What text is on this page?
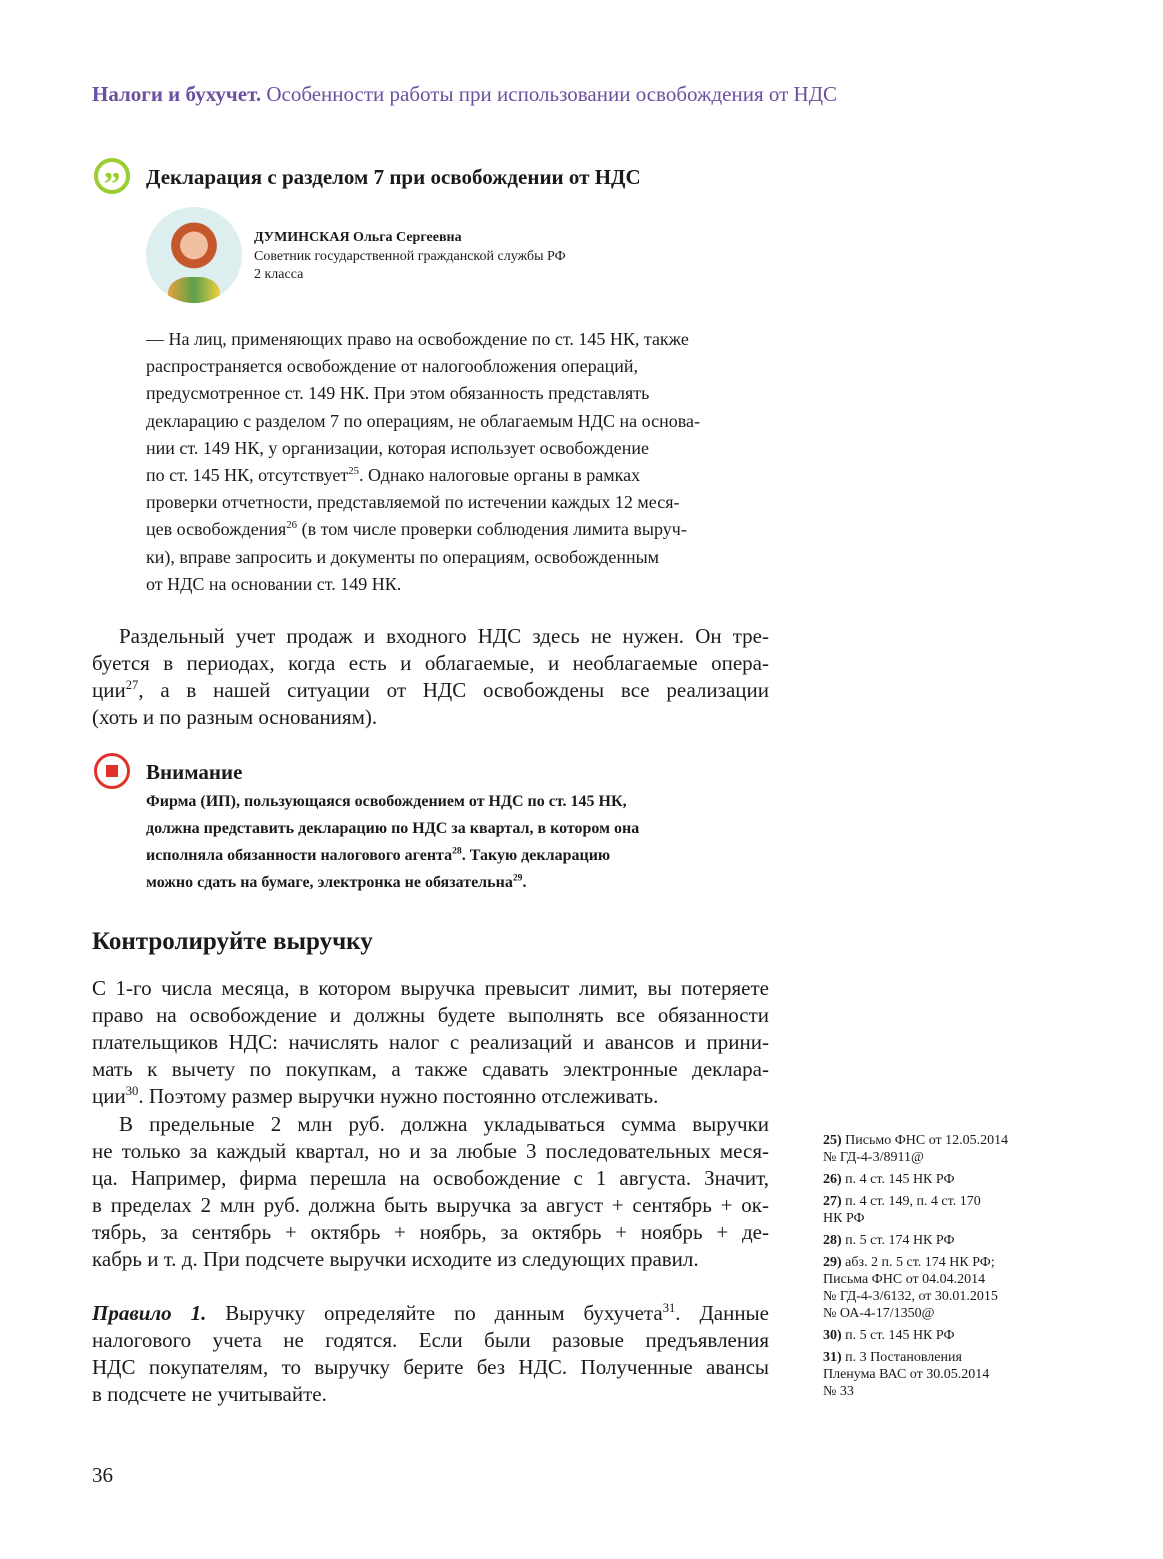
Налоги и бухучет. Особенности работы при использовании освобождения от НДС
”	Декларация с разделом 7 при освобождении от НДС
ДУМИНСКАЯ Ольга Сергеевна
Советник государственной гражданской службы РФ
2 класса
— На лиц, применяющих право на освобождение по ст. 145 НК, также
распространяется освобождение от налогообложения операций,
предусмотренное ст. 149 НК. При этом обязанность представлять
декларацию с разделом 7 по операциям, не облагаемым НДС на основа-
нии ст. 149 НК, у организации, которая использует освобождение
по ст. 145 НК, отсутствует$^{25}$. Однако налоговые органы в рамках
проверки отчетности, представляемой по истечении каждых 12 меся-
цев освобождения$^{26}$ (в том числе проверки соблюдения лимита выруч-
ки), вправе запросить и документы по операциям, освобожденным
от НДС на основании ст. 149 НК.
Раздельный учет продаж и входного НДС здесь не нужен. Он тре-
буется в периодах, когда есть и облагаемые, и необлагаемые опера-
ции$^{27}$, а в нашей ситуации от НДС освобождены все реализации
(хоть и по разным основаниям).
Внимание
Фирма (ИП), пользующаяся освобождением от НДС по ст. 145 НК,
должна представить декларацию по НДС за квартал, в котором она
исполняла обязанности налогового агента$^{28}$. Такую декларацию
можно сдать на бумаге, электронка не обязательна$^{29}$.
Контролируйте выручку
С 1-го числа месяца, в котором выручка превысит лимит, вы потеряете
право на освобождение и должны будете выполнять все обязанности
плательщиков НДС: начислять налог с реализаций и авансов и прини-
мать к вычету по покупкам, а также сдавать электронные деклара-
ции$^{30}$. Поэтому размер выручки нужно постоянно отслеживать.
В предельные 2 млн руб. должна укладываться сумма выручки
не только за каждый квартал, но и за любые 3 последовательных меся-
ца. Например, фирма перешла на освобождение с 1 августа. Значит,
в пределах 2 млн руб. должна быть выручка за август + сентябрь + ок-
тябрь, за сентябрь + октябрь + ноябрь, за октябрь + ноябрь + де-
кабрь и т. д. При подсчете выручки исходите из следующих правил.
Правило 1. Выручку определяйте по данным бухучета$^{31}$. Данные
налогового учета не годятся. Если были разовые предъявления
НДС покупателям, то выручку берите без НДС. Полученные авансы
в подсчете не учитывайте.
36
25) Письмо ФНС от 12.05.2014
№ ГД-4-3/8911@
26) п. 4 ст. 145 НК РФ
27) п. 4 ст. 149, п. 4 ст. 170
НК РФ
28) п. 5 ст. 174 НК РФ
29) абз. 2 п. 5 ст. 174 НК РФ;
Письма ФНС от 04.04.2014
№ ГД-4-3/6132, от 30.01.2015
№ ОА-4-17/1350@
30) п. 5 ст. 145 НК РФ
31) п. 3 Постановления
Пленума ВАС от 30.05.2014
№ 33
